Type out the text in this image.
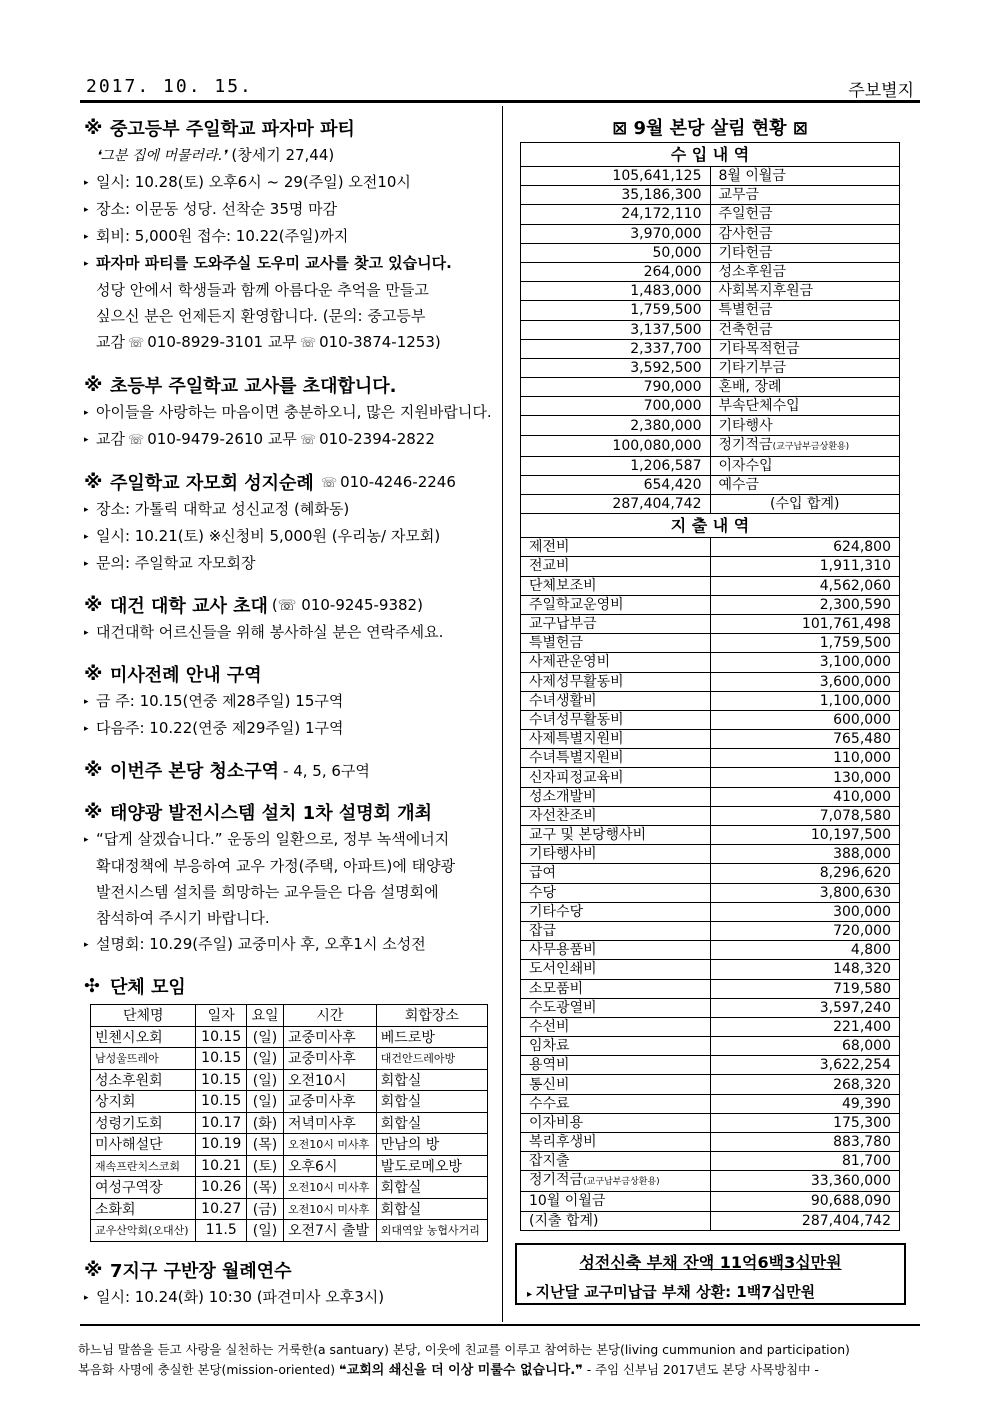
2017. 10. 15.	주보별지
※ 중고등부 주일학교 파자마 파티
❛그분 집에 머물러라.❜ (창세기 27,44)
▸ 일시: 10.28(토) 오후6시 ~ 29(주일) 오전10시
▸ 장소: 이문동 성당. 선착순 35명 마감
▸ 회비: 5,000원 접수: 10.22(주일)까지
▸ 파자마 파티를 도와주실 도우미 교사를 찾고 있습니다.
성당 안에서 학생들과 함께 아름다운 추억을 만들고
싶으신 분은 언제든지 환영합니다. (문의: 중고등부
교감 ☏ 010-8929-3101 교무 ☏ 010-3874-1253)
※ 초등부 주일학교 교사를 초대합니다.
▸ 아이들을 사랑하는 마음이면 충분하오니, 많은 지원바랍니다.
▸ 교감 ☏ 010-9479-2610 교무 ☏ 010-2394-2822
※ 주일학교 자모회 성지순례 ☏ 010-4246-2246
▸ 장소: 가톨릭 대학교 성신교정 (혜화동)
▸ 일시: 10.21(토) ※신청비 5,000원 (우리농/ 자모회)
▸ 문의: 주일학교 자모회장
※ 대건 대학 교사 초대 (☏ 010-9245-9382)
▸ 대건대학 어르신들을 위해 봉사하실 분은 연락주세요.
※ 미사전례 안내 구역
▸ 금 주: 10.15(연중 제28주일) 15구역
▸ 다음주: 10.22(연중 제29주일) 1구역
※ 이번주 본당 청소구역 - 4, 5, 6구역
※ 태양광 발전시스템 설치 1차 설명회 개최
▸ “답게 살겠습니다.” 운동의 일환으로, 정부 녹색에너지
확대정책에 부응하여 교우 가정(주택, 아파트)에 태양광
발전시스템 설치를 희망하는 교우들은 다음 설명회에
참석하여 주시기 바랍니다.
▸ 설명회: 10.29(주일) 교중미사 후, 오후1시 소성전
✣ 단체 모임
단체명	일자	요일	시간	회합장소
빈첸시오회	10.15	(일)	교중미사후	베드로방
남성울뜨레아	10.15	(일)	교중미사후	대건안드레아방
성소후원회	10.15	(일)	오전10시	회합실
상지회	10.15	(일)	교중미사후	회합실
성령기도회	10.17	(화)	저녁미사후	회합실
미사해설단	10.19	(목)	오전10시 미사후	만남의 방
재속프란치스코회	10.21	(토)	오후6시	발도로메오방
여성구역장	10.26	(목)	오전10시 미사후	회합실
소화회	10.27	(금)	오전10시 미사후	회합실
교우산악회(오대산)	11.5	(일)	오전7시 출발	외대역앞 농협사거리
※ 7지구 구반장 월례연수
▸ 일시: 10.24(화) 10:30 (파견미사 오후3시)
⊠ 9월 본당 살림 현황 ⊠
수 입 내 역	
105,641,125	8월 이월금
35,186,300	교무금
24,172,110	주일헌금
3,970,000	감사헌금
50,000	기타헌금
264,000	성소후원금
1,483,000	사회복지후원금
1,759,500	특별헌금
3,137,500	건축헌금
2,337,700	기타목적헌금
3,592,500	기타기부금
790,000	혼배, 장례
700,000	부속단체수입
2,380,000	기타행사
100,080,000	정기적금(교구납부금상환용)
1,206,587	이자수입
654,420	예수금
287,404,742	(수입 합계)
지 출 내 역	
제전비	624,800
전교비	1,911,310
단체보조비	4,562,060
주일학교운영비	2,300,590
교구납부금	101,761,498
특별헌금	1,759,500
사제관운영비	3,100,000
사제성무활동비	3,600,000
수녀생활비	1,100,000
수녀성무활동비	600,000
사제특별지원비	765,480
수녀특별지원비	110,000
신자피정교육비	130,000
성소개발비	410,000
자선찬조비	7,078,580
교구 및 본당행사비	10,197,500
기타행사비	388,000
급여	8,296,620
수당	3,800,630
기타수당	300,000
잡급	720,000
사무용품비	4,800
도서인쇄비	148,320
소모품비	719,580
수도광열비	3,597,240
수선비	221,400
임차료	68,000
용역비	3,622,254
통신비	268,320
수수료	49,390
이자비용	175,300
복리후생비	883,780
잡지출	81,700
정기적금(교구납부금상환용)	33,360,000
10월 이월금	90,688,090
(지출 합계)	287,404,742
성전신축 부채 잔액 11억6백3십만원
▸ 지난달 교구미납급 부채 상환: 1백7십만원
하느님 말씀을 듣고 사랑을 실천하는 거룩한(a santuary) 본당, 이웃에 친교를 이루고 참여하는 본당(living cummunion and participation)
복음화 사명에 충실한 본당(mission-oriented) ❝교회의 쇄신을 더 이상 미룰수 없습니다.❞ - 주임 신부님 2017년도 본당 사목방침中 -
